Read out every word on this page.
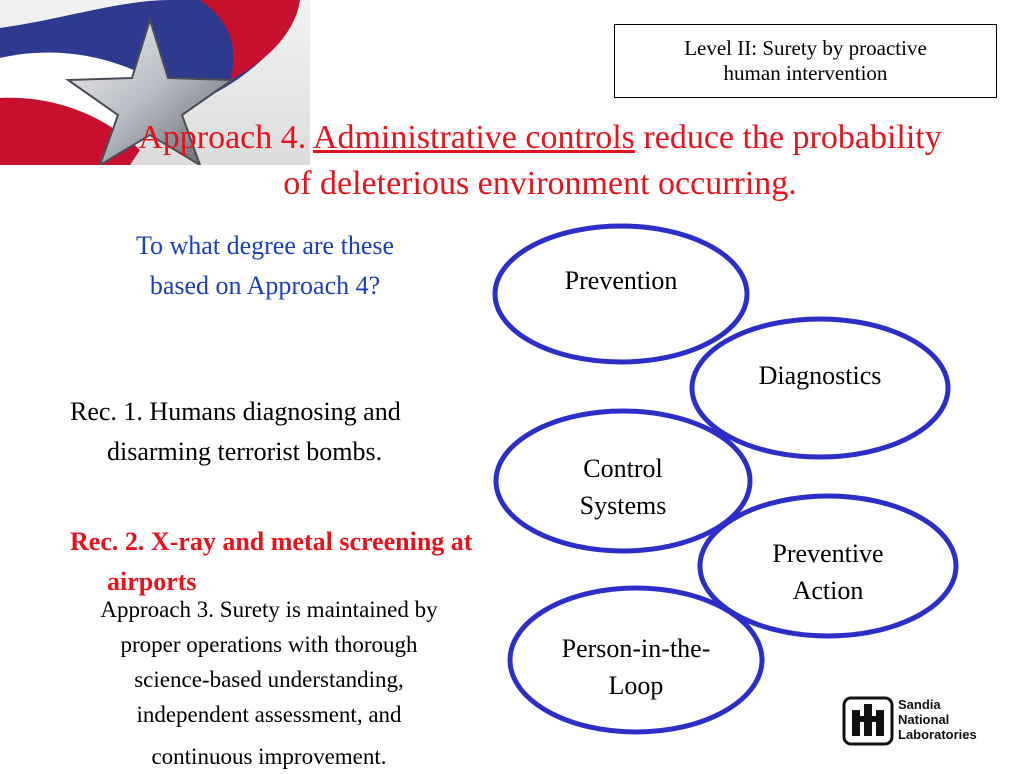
Level II: Surety by proactive
human intervention
Approach 4. Administrative controls reduce the probability of deleterious environment occurring.
To what degree are these
based on Approach 4?
Rec. 1. Humans diagnosing and disarming terrorist bombs.
Rec. 2. X-ray and metal screening at airports
Approach 3. Surety is maintained by
proper operations with thorough
science-based understanding,
independent assessment, and
continuous improvement.
Prevention
Diagnostics
Control
Systems
Preventive
Action
Person-in-the-
Loop
Sandia
National
Laboratories
